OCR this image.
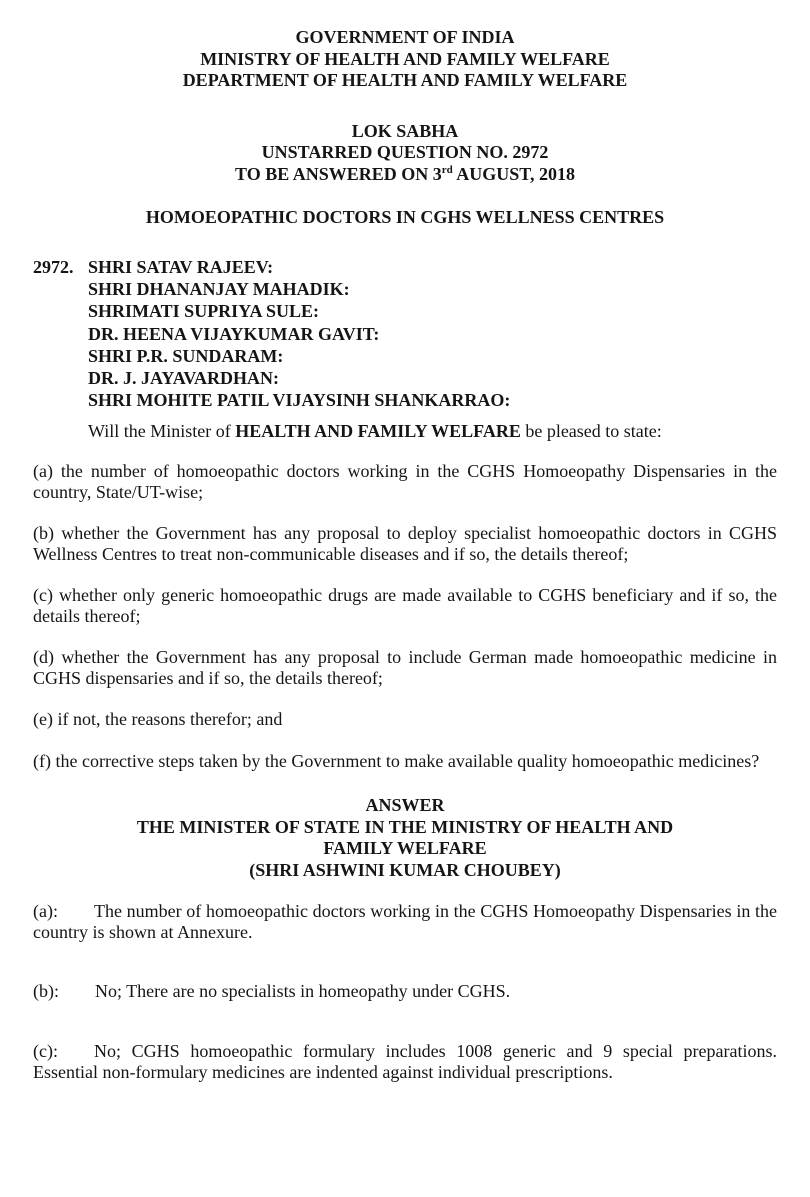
GOVERNMENT OF INDIA
MINISTRY OF HEALTH AND FAMILY WELFARE
DEPARTMENT OF HEALTH AND FAMILY WELFARE
LOK SABHA
UNSTARRED QUESTION NO. 2972
TO BE ANSWERED ON 3rd AUGUST, 2018
HOMOEOPATHIC DOCTORS IN CGHS WELLNESS CENTRES
2972. SHRI SATAV RAJEEV:
SHRI DHANANJAY MAHADIK:
SHRIMATI SUPRIYA SULE:
DR. HEENA VIJAYKUMAR GAVIT:
SHRI P.R. SUNDARAM:
DR. J. JAYAVARDHAN:
SHRI MOHITE PATIL VIJAYSINH SHANKARRAO:
Will the Minister of HEALTH AND FAMILY WELFARE be pleased to state:

(a) the number of homoeopathic doctors working in the CGHS Homoeopathy Dispensaries in the country, State/UT-wise;

(b) whether the Government has any proposal to deploy specialist homoeopathic doctors in CGHS Wellness Centres to treat non-communicable diseases and if so, the details thereof;

(c) whether only generic homoeopathic drugs are made available to CGHS beneficiary and if so, the details thereof;

(d) whether the Government has any proposal to include German made homoeopathic medicine in CGHS dispensaries and if so, the details thereof;

(e) if not, the reasons therefor; and

(f) the corrective steps taken by the Government to make available quality homoeopathic medicines?

ANSWER
THE MINISTER OF STATE IN THE MINISTRY OF HEALTH AND
FAMILY WELFARE
(SHRI ASHWINI KUMAR CHOUBEY)

(a): The number of homoeopathic doctors working in the CGHS Homoeopathy Dispensaries in the country is shown at Annexure.

(b): No; There are no specialists in homeopathy under CGHS.

(c): No; CGHS homoeopathic formulary includes 1008 generic and 9 special preparations. Essential non-formulary medicines are indented against individual prescriptions.
